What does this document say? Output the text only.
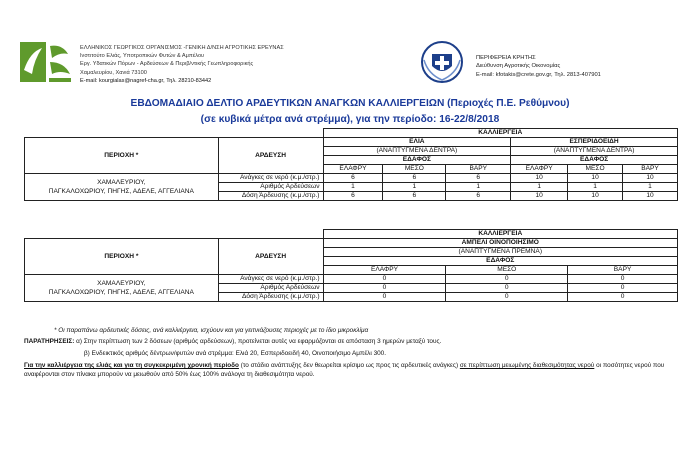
ΕΛΛΗΝΙΚΟΣ ΓΕΩΡΓΙΚΟΣ ΟΡΓΑΝΙΣΜΟΣ -ΓΕΝΙΚΗ Δ/ΝΣΗ ΑΓΡΟΤΙΚΗΣ ΕΡΕΥΝΑΣ
Ινστιτούτο Ελιάς, Υποτροπικών Φυτών & Αμπέλου
Εργ. Υδατικών Πόρων - Αρδεύσεων & Περιβ/ντικής Γεωπληροφορικής
Χαμαλευρίου, Χανιά 73100
E-mail: kourgialas@nagref-cha.gr, Τηλ. 28210-83442
ΠΕΡΙΦΕΡΕΙΑ ΚΡΗΤΗΣ
Διεύθυνση Αγροτικής Οικονομίας
E-mail: kfotakis@crete.gov.gr, Τηλ. 2813-407901
ΕΒΔΟΜΑΔΙΑΙΟ ΔΕΛΤΙΟ ΑΡΔΕΥΤΙΚΩΝ ΑΝΑΓΚΩΝ ΚΑΛΛΙΕΡΓΕΙΩΝ (Περιοχές Π.Ε. Ρεθύμνου)
(σε κυβικά μέτρα ανά στρέμμα), για την περίοδο: 16-22/8/2018
		ΚΑΛΛΙΕΡΓΕΙΑ					
ΠΕΡΙΟΧΗ *	ΑΡΔΕΥΣΗ	ΕΛΙΑ			ΕΣΠΕΡΙΔΟΕΙΔΗ		
		(ΑΝΑΠΤΥΓΜΕΝΑ ΔΕΝΤΡΑ)			(ΑΝΑΠΤΥΓΜΕΝΑ ΔΕΝΤΡΑ)		
		ΕΔΑΦΟΣ			ΕΔΑΦΟΣ		
		ΕΛΑΦΡΥ	ΜΕΣΟ	ΒΑΡΥ	ΕΛΑΦΡΥ	ΜΕΣΟ	ΒΑΡΥ

ΧΑΜΑΛΕΥΡΙΟΥ,
ΠΑΓΚΑΛΟΧΩΡΙΟΥ, ΠΗΓΗΣ, ΑΔΕΛΕ, ΑΓΓΕΛΙΑΝΑ	Ανάγκες σε νερό (κ.μ./στρ.)	6	6	6	10	10	10
	Αριθμός Αρδεύσεων	1	1	1	1	1	1
	Δόση Άρδευσης (κ.μ./στρ.)	6	6	6	10	10	10
		ΚΑΛΛΙΕΡΓΕΙΑ		
ΠΕΡΙΟΧΗ *	ΑΡΔΕΥΣΗ	ΑΜΠΕΛΙ ΟΙΝΟΠΟΙΗΣΙΜΟ		
		(ΑΝΑΠΤΥΓΜΕΝΑ ΠΡΕΜΝΑ)		
		ΕΔΑΦΟΣ		
		ΕΛΑΦΡΥ	ΜΕΣΟ	ΒΑΡΥ

ΧΑΜΑΛΕΥΡΙΟΥ,
ΠΑΓΚΑΛΟΧΩΡΙΟΥ, ΠΗΓΗΣ, ΑΔΕΛΕ, ΑΓΓΕΛΙΑΝΑ	Ανάγκες σε νερό (κ.μ./στρ.)	0	0	0
	Αριθμός Αρδεύσεων	0	0	0
	Δόση Άρδευσης (κ.μ./στρ.)	0	0	0
* Οι παραπάνω αρδευτικές δόσεις, ανά καλλιέργεια, ισχύουν και για γειτνιάζουσες περιοχές με το ίδιο μικροκλίμα
ΠΑΡΑΤΗΡΗΣΕΙΣ: α) Στην περίπτωση των 2 δόσεων (αριθμός αρδεύσεων), προτείνεται αυτές να εφαρμόζονται σε απόσταση 3 ημερών μεταξύ τους.
β) Ενδεικτικός αριθμός δέντρων/φυτών ανά στρέμμα: Ελιά 20, Εσπεριδοειδή 40, Οινοποιήσιμο Αμπέλι 300.
Για την καλλιέργεια της ελιάς και για τη συγκεκριμένη χρονική περίοδο (το στάδιο ανάπτυξης δεν θεωρείται κρίσιμο ως προς τις αρδευτικές ανάγκες) σε περίπτωση μειωμένης διαθεσιμότητας νερού οι ποσότητες νερού που αναφέρονται στον πίνακα μπορούν να μειωθούν από 50% έως 100% ανάλογα τη διαθεσιμότητα νερού.
